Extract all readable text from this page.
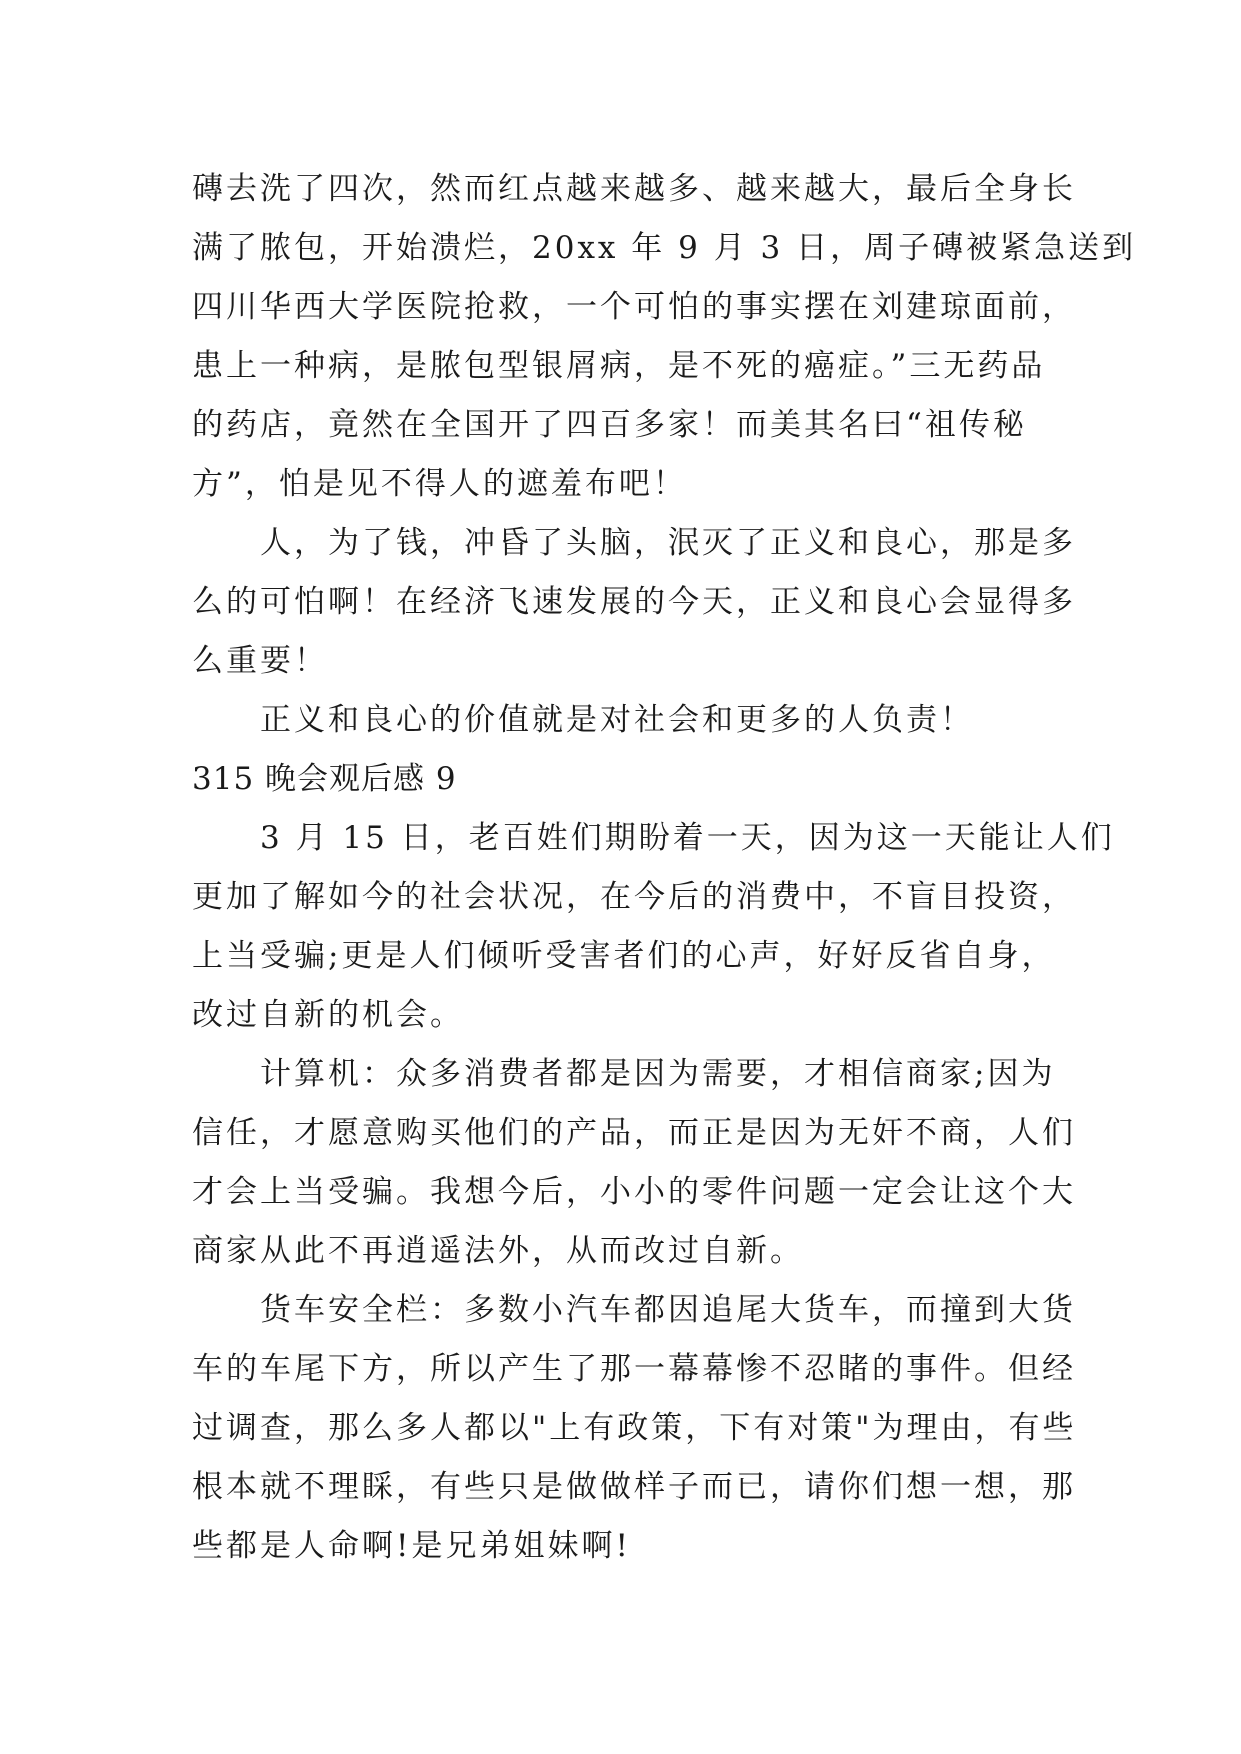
磚去洗了四次，然而红点越来越多、越来越大，最后全身长
满了脓包，开始溃烂，20xx 年 9 月 3 日，周子磚被紧急送到
四川华西大学医院抢救，一个可怕的事实摆在刘建琼面前，
患上一种病，是脓包型银屑病，是不死的癌症。”三无药品
的药店，竟然在全国开了四百多家！而美其名曰“祖传秘
方”，怕是见不得人的遮羞布吧！

人，为了钱，冲昏了头脑，泯灭了正义和良心，那是多
么的可怕啊！在经济飞速发展的今天，正义和良心会显得多
么重要！

正义和良心的价值就是对社会和更多的人负责！

315 晚会观后感 9

3 月 15 日，老百姓们期盼着一天，因为这一天能让人们
更加了解如今的社会状况，在今后的消费中，不盲目投资，
上当受骗;更是人们倾听受害者们的心声，好好反省自身，
改过自新的机会。

计算机：众多消费者都是因为需要，才相信商家;因为
信任，才愿意购买他们的产品，而正是因为无奸不商，人们
才会上当受骗。我想今后，小小的零件问题一定会让这个大
商家从此不再逍遥法外，从而改过自新。

货车安全栏：多数小汽车都因追尾大货车，而撞到大货
车的车尾下方，所以产生了那一幕幕惨不忍睹的事件。但经
过调查，那么多人都以"上有政策，下有对策"为理由，有些
根本就不理睬，有些只是做做样子而已，请你们想一想，那
些都是人命啊!是兄弟姐妹啊!
